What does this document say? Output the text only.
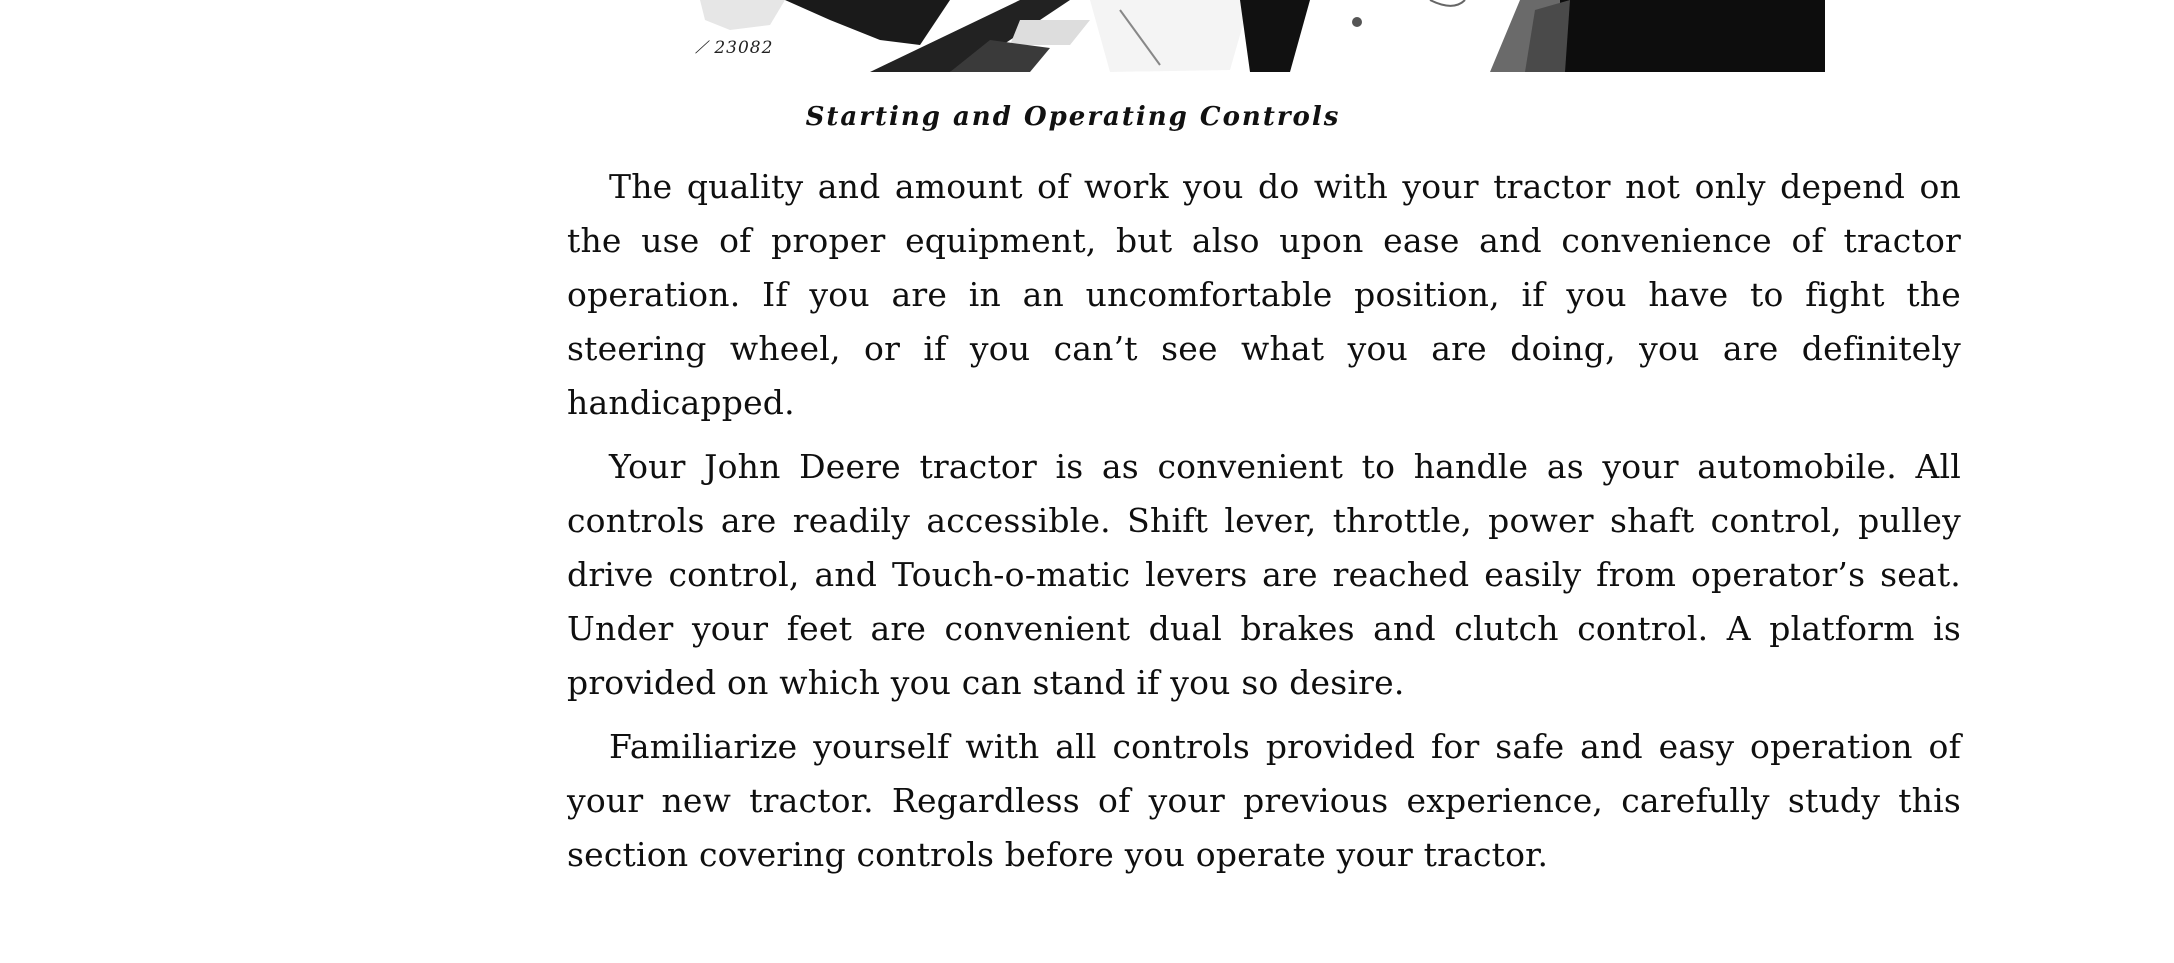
⟋ 23082
Starting and Operating Controls

The quality and amount of work you do with your tractor not only depend on the use of proper equipment, but also upon ease and convenience of tractor operation. If you are in an uncomfortable position, if you have to fight the steering wheel, or if you can’t see what you are doing, you are definitely handicapped.

Your John Deere tractor is as convenient to handle as your automobile. All controls are readily accessible. Shift lever, throttle, power shaft control, pulley drive control, and Touch-o-matic levers are reached easily from operator’s seat. Under your feet are convenient dual brakes and clutch control. A platform is provided on which you can stand if you so desire.

Familiarize yourself with all controls provided for safe and easy operation of your new tractor. Regardless of your previous experience, carefully study this section covering controls before you operate your tractor.
